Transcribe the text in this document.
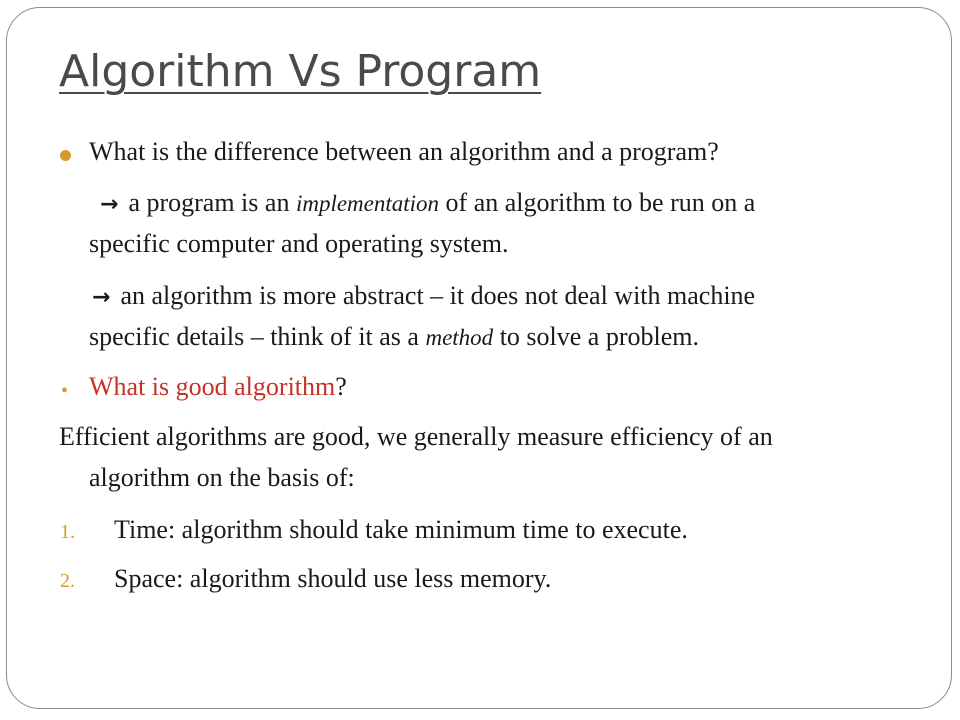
Algorithm Vs Program
What is the difference between an algorithm and a program?
→ a program is an implementation of an algorithm to be run on a
specific computer and operating system.
→ an algorithm is more abstract – it does not deal with machine
specific details – think of it as a method to solve a problem.
What is good algorithm?
Efficient algorithms are good, we generally measure efficiency of an
algorithm on the basis of:
1. Time: algorithm should take minimum time to execute.
2. Space: algorithm should use less memory.
•
